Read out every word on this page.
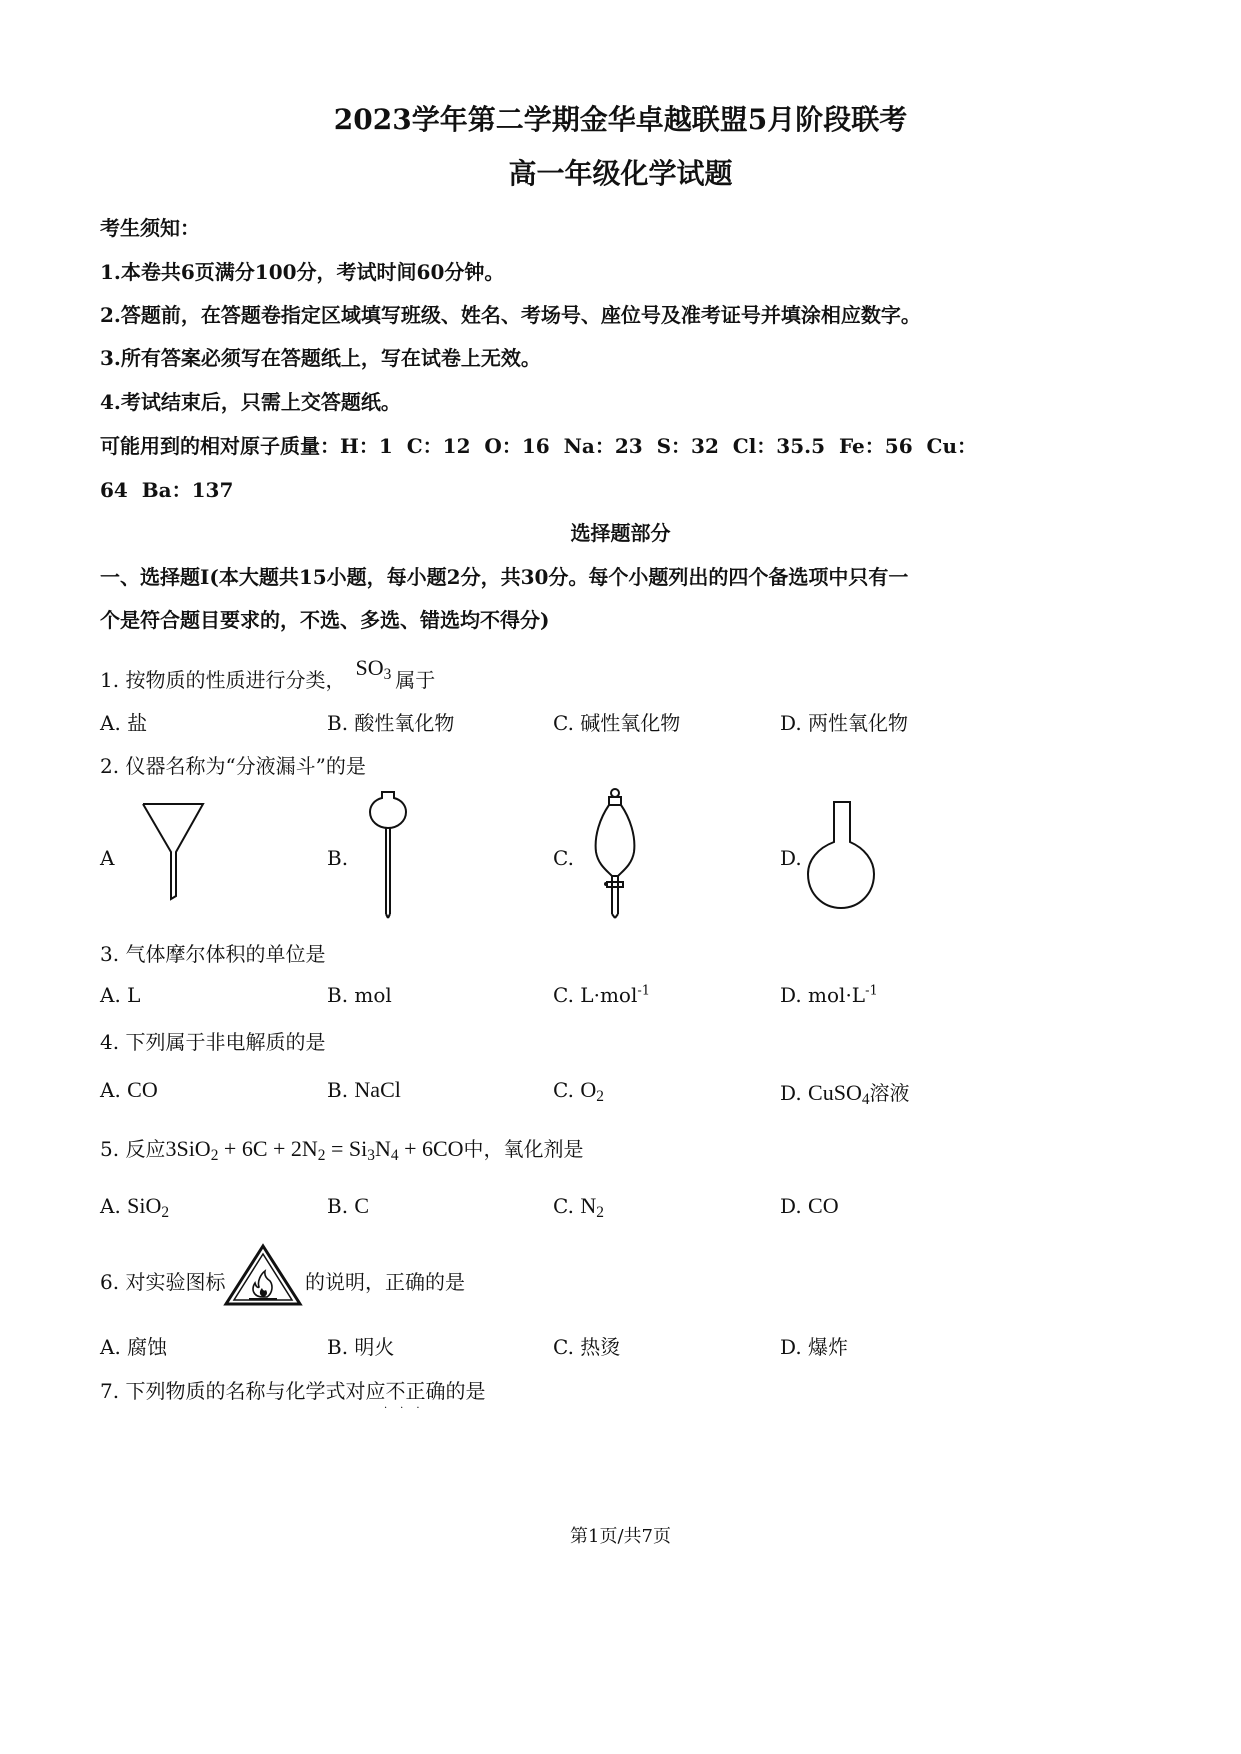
2023学年第二学期金华卓越联盟5月阶段联考
高一年级化学试题
考生须知：
1.本卷共6页满分100分，考试时间60分钟。
2.答题前，在答题卷指定区域填写班级、姓名、考场号、座位号及准考证号并填涂相应数字。
3.所有答案必须写在答题纸上，写在试卷上无效。
4.考试结束后，只需上交答题纸。
可能用到的相对原子质量：H：1  C：12  O：16  Na：23  S：32  Cl：35.5  Fe：56  Cu：
64  Ba：137
选择题部分
一、选择题I(本大题共15小题，每小题2分，共30分。每个小题列出的四个备选项中只有一
个是符合题目要求的，不选、多选、错选均不得分)
1. 按物质的性质进行分类， $SO_3$ 属于
A. 盐	B. 酸性氧化物	C. 碱性氧化物	D. 两性氧化物
2. 仪器名称为“分液漏斗”的是
A	B.	C.	D.
3. 气体摩尔体积的单位是
A. L	B. mol	C. L·mol$^{-1}$	D. $mol\cdot L^{-1}$
4. 下列属于非电解质的是
A. CO	B. NaCl	C. $O_2$	D. CuSO$_4$溶液
5. 反应$3SiO_2 + 6C + 2N_2 = Si_3N_4 + 6CO$中，氧化剂是
A. SiO$_2$	B. C	C. $N_2$	D. CO
6. 对实验图标	的说明，正确的是
A. 腐蚀	B. 明火	C. 热烫	D. 爆炸
7. 下列物质的名称与化学式对应不正确的是
···
第1页/共7页
